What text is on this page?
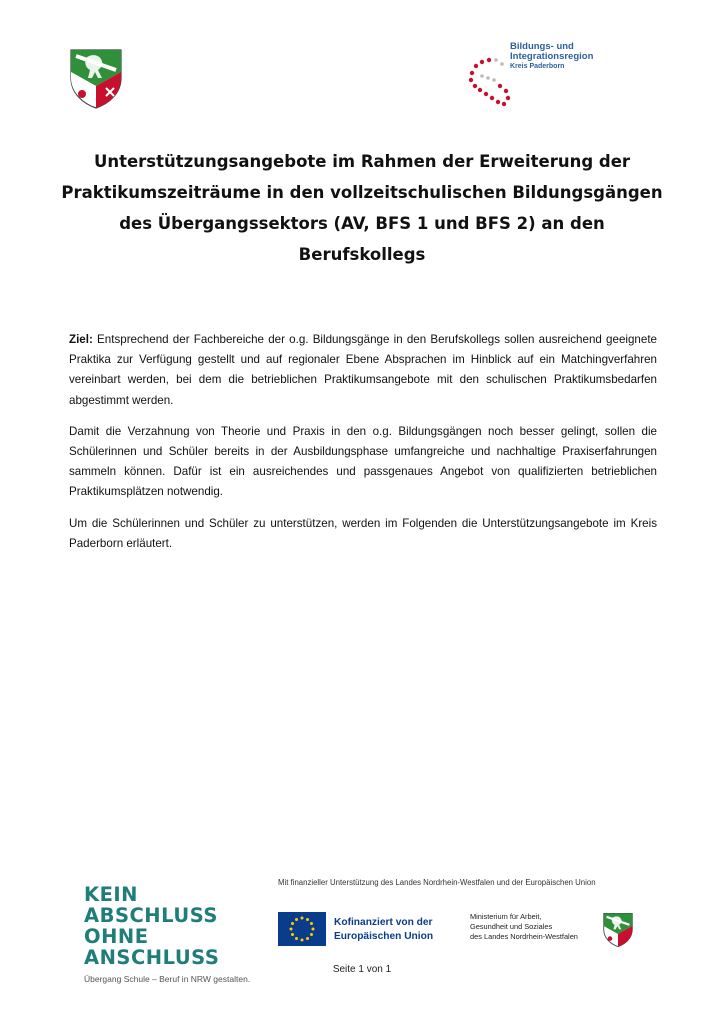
Bildungs- und
Integrationsregion
Kreis Paderborn
Unterstützungsangebote im Rahmen der Erweiterung der
Praktikumszeiträume in den vollzeitschulischen Bildungsgängen
des Übergangssektors (AV, BFS 1 und BFS 2) an den
Berufskollegs

Ziel: Entsprechend der Fachbereiche der o.g. Bildungsgänge in den Berufskollegs sollen ausreichend geeignete Praktika zur Verfügung gestellt und auf regionaler Ebene Absprachen im Hinblick auf ein Matchingverfahren vereinbart werden, bei dem die betrieblichen Praktikumsangebote mit den schulischen Praktikumsbedarfen abgestimmt werden.

Damit die Verzahnung von Theorie und Praxis in den o.g. Bildungsgängen noch besser gelingt, sollen die Schülerinnen und Schüler bereits in der Ausbildungsphase umfangreiche und nachhaltige Praxiserfahrungen sammeln können. Dafür ist ein ausreichendes und passgenaues Angebot von qualifizierten betrieblichen Praktikumsplätzen notwendig.

Um die Schülerinnen und Schüler zu unterstützen, werden im Folgenden die Unterstützungsangebote im Kreis Paderborn erläutert.

KEIN ABSCHLUSS
OHNE ANSCHLUSS
Übergang Schule – Beruf in NRW gestalten.
Mit finanzieller Unterstützung des Landes Nordrhein-Westfalen und der Europäischen Union
Kofinanziert von der
Europäischen Union
Ministerium für Arbeit,
Gesundheit und Soziales
des Landes Nordrhein-Westfalen
Seite 1 von 1
